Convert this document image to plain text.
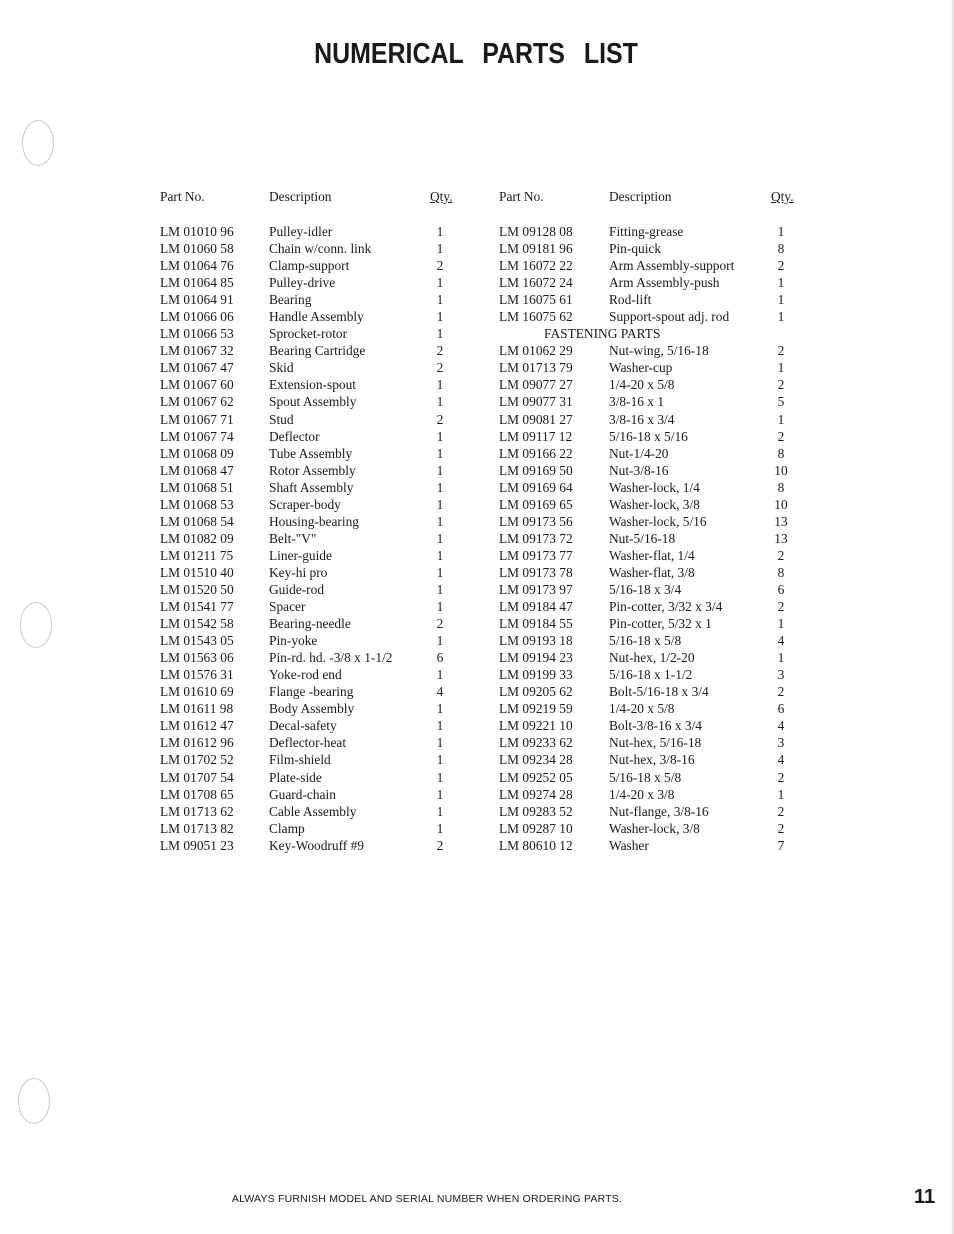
NUMERICAL PARTS LIST
Part No.	Description	Qty.
LM 01010 96	Pulley-idler	1
LM 01060 58	Chain w/conn. link	1
LM 01064 76	Clamp-support	2
LM 01064 85	Pulley-drive	1
LM 01064 91	Bearing	1
LM 01066 06	Handle Assembly	1
LM 01066 53	Sprocket-rotor	1
LM 01067 32	Bearing Cartridge	2
LM 01067 47	Skid	2
LM 01067 60	Extension-spout	1
LM 01067 62	Spout Assembly	1
LM 01067 71	Stud	2
LM 01067 74	Deflector	1
LM 01068 09	Tube Assembly	1
LM 01068 47	Rotor Assembly	1
LM 01068 51	Shaft Assembly	1
LM 01068 53	Scraper-body	1
LM 01068 54	Housing-bearing	1
LM 01082 09	Belt-"V"	1
LM 01211 75	Liner-guide	1
LM 01510 40	Key-hi pro	1
LM 01520 50	Guide-rod	1
LM 01541 77	Spacer	1
LM 01542 58	Bearing-needle	2
LM 01543 05	Pin-yoke	1
LM 01563 06	Pin-rd. hd. -3/8 x 1-1/2	6
LM 01576 31	Yoke-rod end	1
LM 01610 69	Flange -bearing	4
LM 01611 98	Body Assembly	1
LM 01612 47	Decal-safety	1
LM 01612 96	Deflector-heat	1
LM 01702 52	Film-shield	1
LM 01707 54	Plate-side	1
LM 01708 65	Guard-chain	1
LM 01713 62	Cable Assembly	1
LM 01713 82	Clamp	1
LM 09051 23	Key-Woodruff #9	2
Part No.	Description	Qty.
LM 09128 08	Fitting-grease	1
LM 09181 96	Pin-quick	8
LM 16072 22	Arm Assembly-support	2
LM 16072 24	Arm Assembly-push	1
LM 16075 61	Rod-lift	1
LM 16075 62	Support-spout adj. rod	1
FASTENING PARTS
LM 01062 29	Nut-wing, 5/16-18	2
LM 01713 79	Washer-cup	1
LM 09077 27	1/4-20 x 5/8	2
LM 09077 31	3/8-16 x 1	5
LM 09081 27	3/8-16 x 3/4	1
LM 09117 12	5/16-18 x 5/16	2
LM 09166 22	Nut-1/4-20	8
LM 09169 50	Nut-3/8-16	10
LM 09169 64	Washer-lock, 1/4	8
LM 09169 65	Washer-lock, 3/8	10
LM 09173 56	Washer-lock, 5/16	13
LM 09173 72	Nut-5/16-18	13
LM 09173 77	Washer-flat, 1/4	2
LM 09173 78	Washer-flat, 3/8	8
LM 09173 97	5/16-18 x 3/4	6
LM 09184 47	Pin-cotter, 3/32 x 3/4	2
LM 09184 55	Pin-cotter, 5/32 x 1	1
LM 09193 18	5/16-18 x 5/8	4
LM 09194 23	Nut-hex, 1/2-20	1
LM 09199 33	5/16-18 x 1-1/2	3
LM 09205 62	Bolt-5/16-18 x 3/4	2
LM 09219 59	1/4-20 x 5/8	6
LM 09221 10	Bolt-3/8-16 x 3/4	4
LM 09233 62	Nut-hex, 5/16-18	3
LM 09234 28	Nut-hex, 3/8-16	4
LM 09252 05	5/16-18 x 5/8	2
LM 09274 28	1/4-20 x 3/8	1
LM 09283 52	Nut-flange, 3/8-16	2
LM 09287 10	Washer-lock, 3/8	2
LM 80610 12	Washer	7
ALWAYS FURNISH MODEL AND SERIAL NUMBER WHEN ORDERING PARTS.	11
